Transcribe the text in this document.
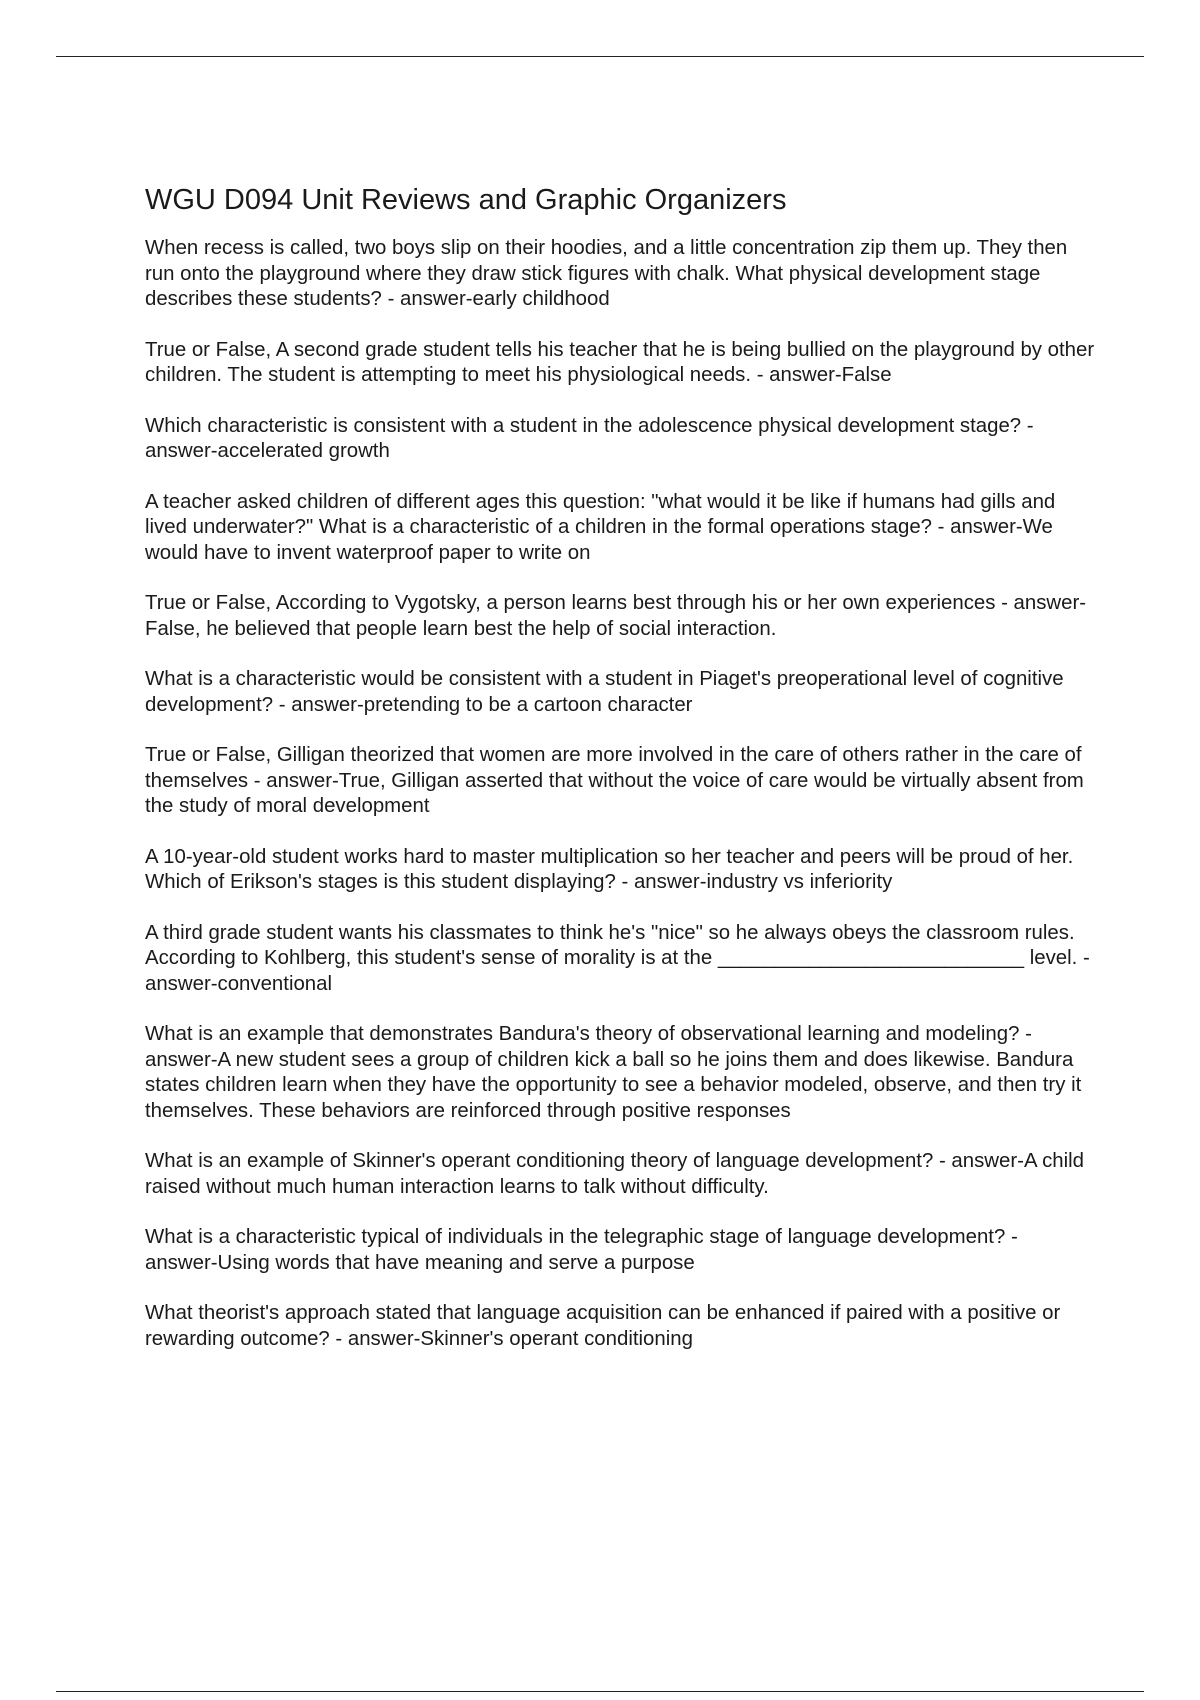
WGU D094 Unit Reviews and Graphic Organizers

When recess is called, two boys slip on their hoodies, and a little concentration zip them up. They then run onto the playground where they draw stick figures with chalk. What physical development stage describes these students? - answer-early childhood

True or False, A second grade student tells his teacher that he is being bullied on the playground by other children. The student is attempting to meet his physiological needs. - answer-False

Which characteristic is consistent with a student in the adolescence physical development stage? - answer-accelerated growth

A teacher asked children of different ages this question: "what would it be like if humans had gills and lived underwater?" What is a characteristic of a children in the formal operations stage? - answer-We would have to invent waterproof paper to write on

True or False, According to Vygotsky, a person learns best through his or her own experiences - answer-False, he believed that people learn best the help of social interaction.

What is a characteristic would be consistent with a student in Piaget's preoperational level of cognitive development? - answer-pretending to be a cartoon character

True or False, Gilligan theorized that women are more involved in the care of others rather in the care of themselves - answer-True, Gilligan asserted that without the voice of care would be virtually absent from the study of moral development

A 10-year-old student works hard to master multiplication so her teacher and peers will be proud of her. Which of Erikson's stages is this student displaying? - answer-industry vs inferiority

A third grade student wants his classmates to think he's "nice" so he always obeys the classroom rules. According to Kohlberg, this student's sense of morality is at the ___________________________ level. - answer-conventional

What is an example that demonstrates Bandura's theory of observational learning and modeling? - answer-A new student sees a group of children kick a ball so he joins them and does likewise. Bandura states children learn when they have the opportunity to see a behavior modeled, observe, and then try it themselves. These behaviors are reinforced through positive responses

What is an example of Skinner's operant conditioning theory of language development? - answer-A child raised without much human interaction learns to talk without difficulty.

What is a characteristic typical of individuals in the telegraphic stage of language development? - answer-Using words that have meaning and serve a purpose

What theorist's approach stated that language acquisition can be enhanced if paired with a positive or rewarding outcome? - answer-Skinner's operant conditioning
